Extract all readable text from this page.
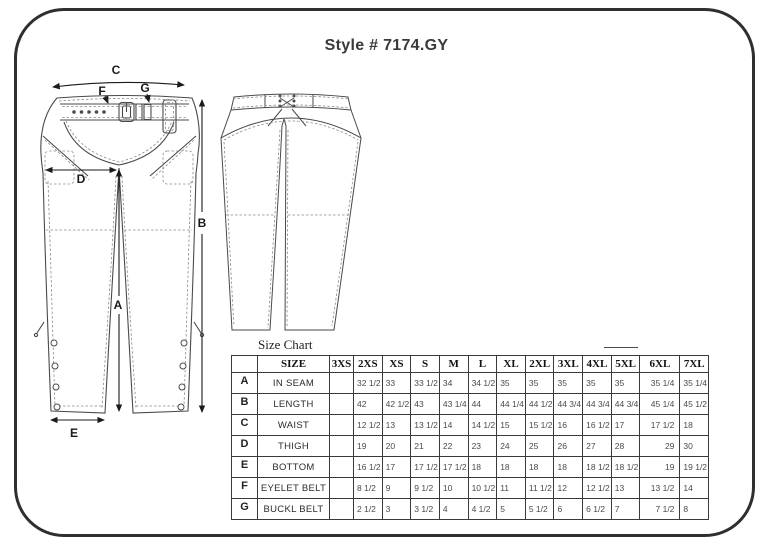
Style # 7174.GY
C
F	G
D
B
A
E
Size Chart
	SIZE	3XS	2XS	XS	S	M	L	XL	2XL	3XL	4XL	5XL	6XL	7XL
A	IN SEAM		32 1/2	33	33 1/2	34	34 1/2	35	35	35	35	35	35 1/4	35 1/4
B	LENGTH		42	42 1/2	43	43 1/4	44	44 1/4	44 1/2	44 3/4	44 3/4	44 3/4	45 1/4	45 1/2
C	WAIST		12 1/2	13	13 1/2	14	14 1/2	15	15 1/2	16	16 1/2	17	17 1/2	18
D	THIGH		19	20	21	22	23	24	25	26	27	28	29	30
E	BOTTOM		16 1/2	17	17 1/2	17 1/2	18	18	18	18	18 1/2	18 1/2	19	19 1/2
F	EYELET BELT		8 1/2	9	9 1/2	10	10 1/2	11	11 1/2	12	12 1/2	13	13 1/2	14
G	BUCKL BELT		2 1/2	3	3 1/2	4	4 1/2	5	5 1/2	6	6 1/2	7	7 1/2	8
